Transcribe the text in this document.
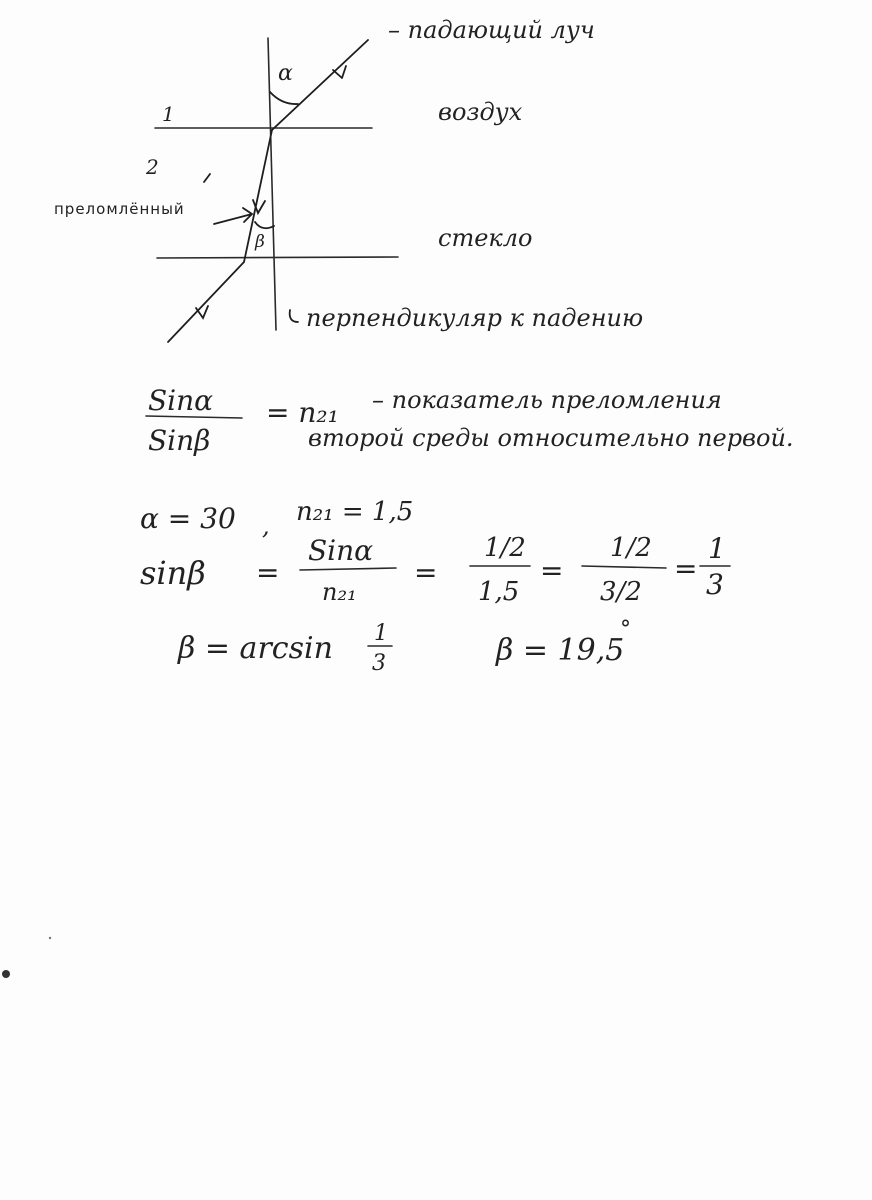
α
β
1
2
– падающий луч
воздух
стекло
преломлённый
перпендикуляр к падению
Sinα
Sinβ
= n₂₁ – показатель преломления
второй среды относительно первой.
α = 30 , n₂₁ = 1,5
sinβ =
Sinα
n₂₁
=
1/2
1,5
=
1/2
3/2
=
1
3
β = arcsin 1
3	β = 19,5
°
